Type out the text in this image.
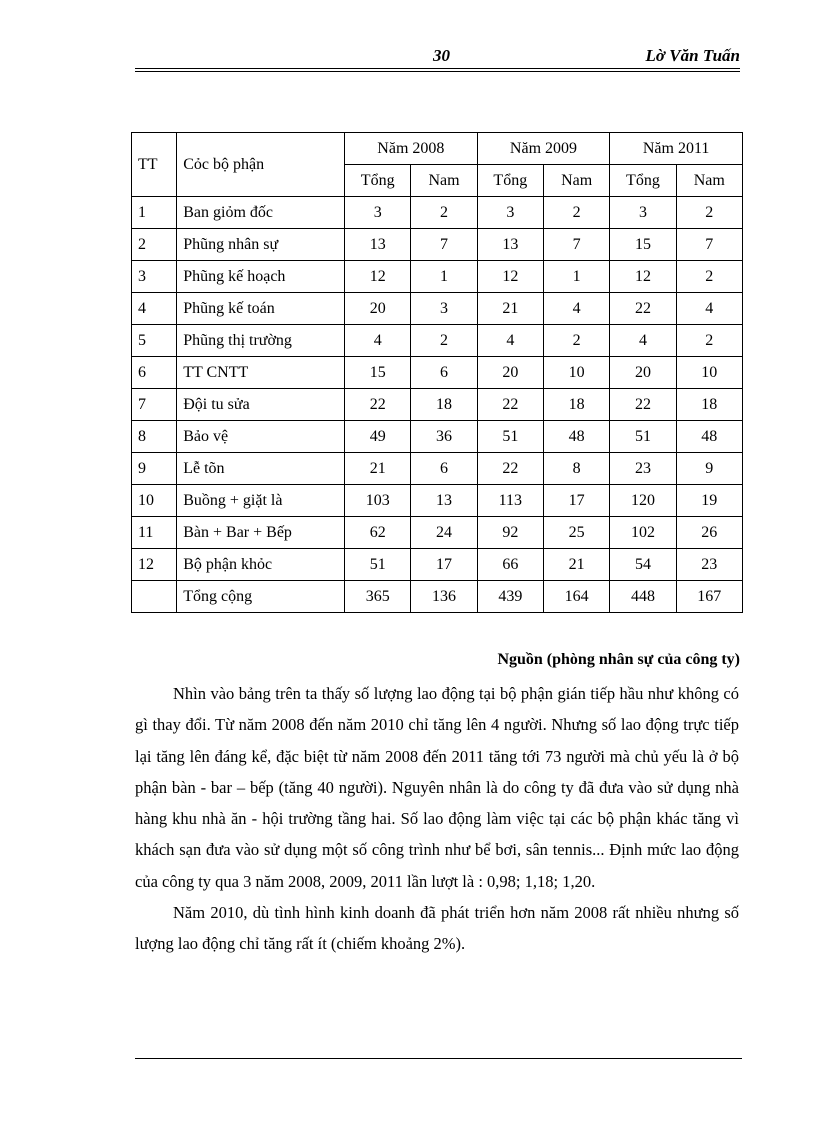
30	Lờ Văn Tuấn
TT	Cỏc bộ phận	Năm 2008		Năm 2009		Năm 2011	
		Tổng	Nam	Tổng	Nam	Tổng	Nam
1	Ban giỏm đốc	3	2	3	2	3	2
2	Phũng nhân sự	13	7	13	7	15	7
3	Phũng kế hoạch	12	1	12	1	12	2
4	Phũng kế toán	20	3	21	4	22	4
5	Phũng thị trường	4	2	4	2	4	2
6	TT CNTT	15	6	20	10	20	10
7	Đội tu sửa	22	18	22	18	22	18
8	Bảo vệ	49	36	51	48	51	48
9	Lễ tõn	21	6	22	8	23	9
10	Buồng + giặt là	103	13	113	17	120	19
11	Bàn + Bar + Bếp	62	24	92	25	102	26
12	Bộ phận khỏc	51	17	66	21	54	23
	Tổng cộng	365	136	439	164	448	167
Nguồn (phòng nhân sự của công ty)

Nhìn vào bảng trên ta thấy số lượng lao động tại bộ phận gián tiếp hầu như không có gì thay đổi. Từ năm 2008 đến năm 2010 chỉ tăng lên 4 người. Nhưng số lao động trực tiếp lại tăng lên đáng kể, đặc biệt từ năm 2008 đến 2011 tăng tới 73 người mà chủ yếu là ở bộ phận bàn - bar – bếp (tăng 40 người). Nguyên nhân là do công ty đã đưa vào sử dụng nhà hàng khu nhà ăn - hội trường tầng hai. Số lao động làm việc tại các bộ phận khác tăng vì khách sạn đưa vào sử dụng một số công trình như bể bơi, sân tennis... Định mức lao động của công ty qua 3 năm 2008, 2009, 2011 lần lượt là : 0,98; 1,18; 1,20.

Năm 2010, dù tình hình kinh doanh đã phát triển hơn năm 2008 rất nhiều nhưng số lượng lao động chỉ tăng rất ít (chiếm khoảng 2%).
